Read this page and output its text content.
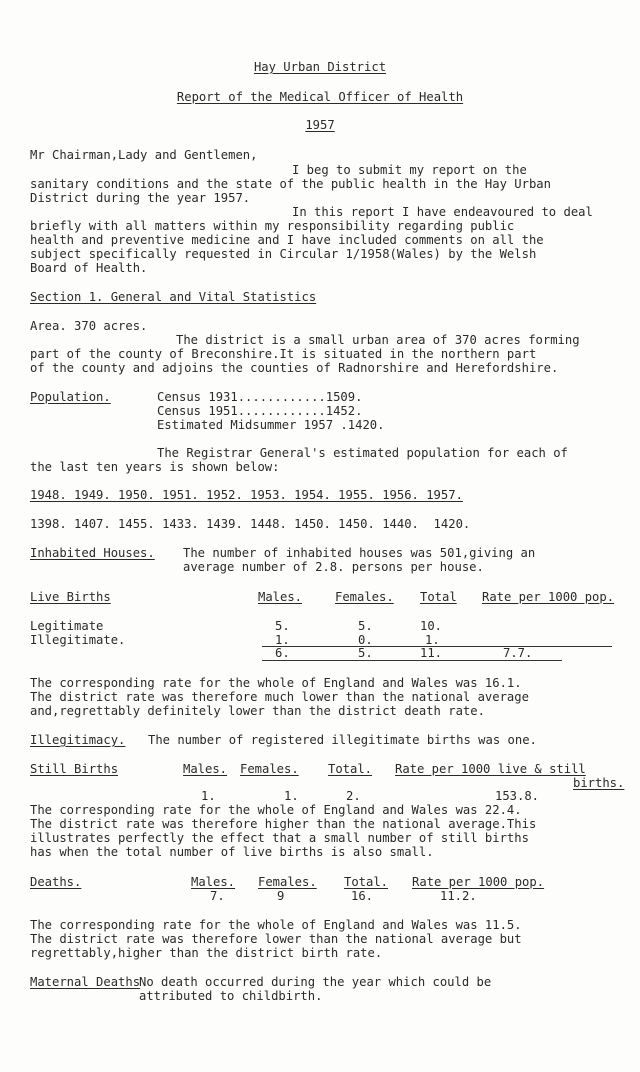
Hay Urban District
Report of the Medical Officer of Health
1957
Mr Chairman,Lady and Gentlemen,
I beg to submit my report on the
sanitary conditions and the state of the public health in the Hay Urban
District during the year 1957.
In this report I have endeavoured to deal
briefly with all matters within my responsibility regarding public
health and preventive medicine and I have included comments on all the
subject specifically requested in Circular 1/1958(Wales) by the Welsh
Board of Health.
Section 1. General and Vital Statistics
Area. 370 acres.
The district is a small urban area of 370 acres forming
part of the county of Breconshire.It is situated in the northern part
of the county and adjoins the counties of Radnorshire and Herefordshire.
Population.	Census 1931............1509.
Census 1951............1452.
Estimated Midsummer 1957 .1420.
The Registrar General's estimated population for each of
the last ten years is shown below:
1948. 1949. 1950. 1951. 1952. 1953. 1954. 1955. 1956. 1957.
1398. 1407. 1455. 1433. 1439. 1448. 1450. 1450. 1440.  1420.
Inhabited Houses. The number of inhabited houses was 501,giving an
average number of 2.8. persons per house.
Live Births	Males.	Females. Total Rate per 1000 pop.
Legitimate	5.	5.	10.
Illegitimate.	1.	0.	1.
6.	5.	11.	7.7.
The corresponding rate for the whole of England and Wales was 16.1.
The district rate was therefore much lower than the national average
and,regrettably definitely lower than the district death rate.
Illegitimacy. The number of registered illegitimate births was one.
Still Births	Males. Females. Total. Rate per 1000 live & still
births.
1.	1.	2.	153.8.
The corresponding rate for the whole of England and Wales was 22.4.
The district rate was therefore higher than the national average.This
illustrates perfectly the effect that a small number of still births
has when the total number of live births is also small.
Deaths.	Males. Females. Total. Rate per 1000 pop.
7.	9	16.	11.2.
The corresponding rate for the whole of England and Wales was 11.5.
The district rate was therefore lower than the national average but
regrettably,higher than the district birth rate.
Maternal Deaths
No death occurred during the year which could be
attributed to childbirth.
